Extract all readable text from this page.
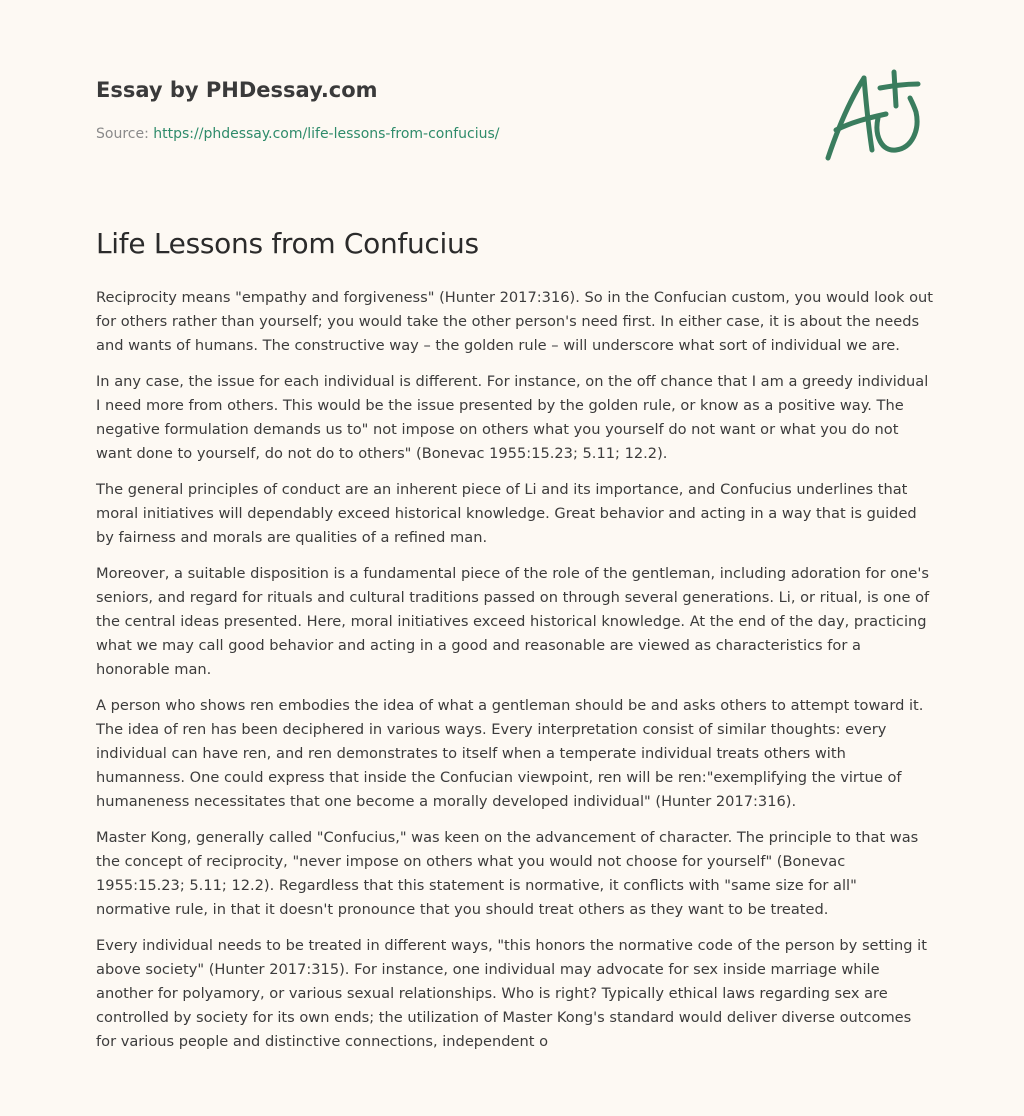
Essay by PHDessay.com
Source: https://phdessay.com/life-lessons-from-confucius/
Life Lessons from Confucius

Reciprocity means "empathy and forgiveness" (Hunter 2017:316). So in the Confucian custom, you would look out for others rather than yourself; you would take the other person's need first. In either case, it is about the needs and wants of humans. The constructive way – the golden rule – will underscore what sort of individual we are.

In any case, the issue for each individual is different. For instance, on the off chance that I am a greedy individual I need more from others. This would be the issue presented by the golden rule, or know as a positive way. The negative formulation demands us to" not impose on others what you yourself do not want or what you do not want done to yourself, do not do to others" (Bonevac 1955:15.23; 5.11; 12.2).

The general principles of conduct are an inherent piece of Li and its importance, and Confucius underlines that moral initiatives will dependably exceed historical knowledge. Great behavior and acting in a way that is guided by fairness and morals are qualities of a refined man.

Moreover, a suitable disposition is a fundamental piece of the role of the gentleman, including adoration for one's seniors, and regard for rituals and cultural traditions passed on through several generations. Li, or ritual, is one of the central ideas presented. Here, moral initiatives exceed historical knowledge. At the end of the day, practicing what we may call good behavior and acting in a good and reasonable are viewed as characteristics for a honorable man.

A person who shows ren embodies the idea of what a gentleman should be and asks others to attempt toward it. The idea of ren has been deciphered in various ways. Every interpretation consist of similar thoughts: every individual can have ren, and ren demonstrates to itself when a temperate individual treats others with humanness. One could express that inside the Confucian viewpoint, ren will be ren:"exemplifying the virtue of humaneness necessitates that one become a morally developed individual" (Hunter 2017:316).

Master Kong, generally called "Confucius," was keen on the advancement of character. The principle to that was the concept of reciprocity, "never impose on others what you would not choose for yourself" (Bonevac 1955:15.23; 5.11; 12.2). Regardless that this statement is normative, it conflicts with "same size for all" normative rule, in that it doesn't pronounce that you should treat others as they want to be treated.

Every individual needs to be treated in different ways, "this honors the normative code of the person by setting it above society" (Hunter 2017:315). For instance, one individual may advocate for sex inside marriage while another for polyamory, or various sexual relationships. Who is right? Typically ethical laws regarding sex are controlled by society for its own ends; the utilization of Master Kong's standard would deliver diverse outcomes for various people and distinctive connections, independent o
